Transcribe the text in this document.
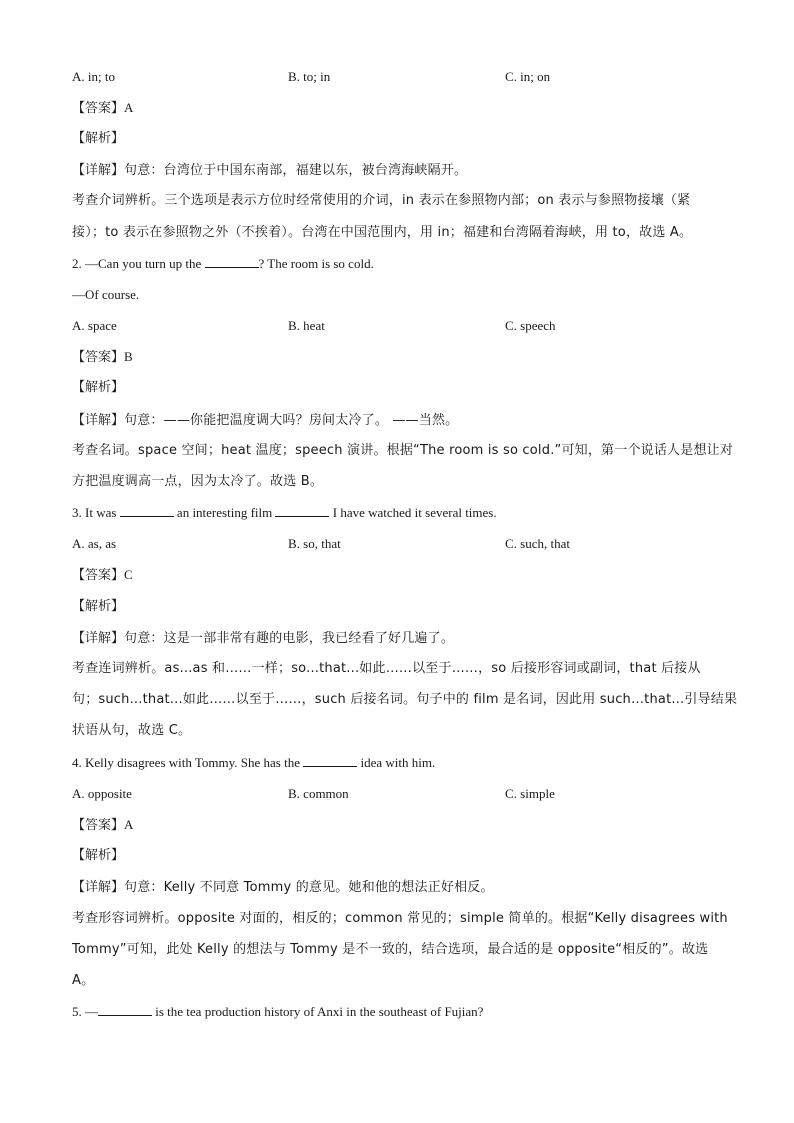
A. in; to	B. to; in	C. in; on
【答案】A
【解析】
【详解】句意：台湾位于中国东南部，福建以东，被台湾海峡隔开。
考查介词辨析。三个选项是表示方位时经常使用的介词，in 表示在参照物内部；on 表示与参照物接壤（紧
接）；to 表示在参照物之外（不挨着）。台湾在中国范围内，用 in；福建和台湾隔着海峡，用 to，故选 A。
2. —Can you turn up the	? The room is so cold.
—Of course.
A. space	B. heat	C. speech
【答案】B
【解析】
【详解】句意：——你能把温度调大吗？房间太冷了。 ——当然。
考查名词。space 空间；heat 温度；speech 演讲。根据“The room is so cold.”可知，第一个说话人是想让对
方把温度调高一点，因为太冷了。故选 B。
3. It was	an interesting film	I have watched it several times.
A. as, as	B. so, that	C. such, that
【答案】C
【解析】
【详解】句意：这是一部非常有趣的电影，我已经看了好几遍了。
考查连词辨析。as...as 和……一样；so...that...如此……以至于……，so 后接形容词或副词，that 后接从
句；such...that...如此……以至于……，such 后接名词。句子中的 film 是名词，因此用 such…that...引导结果
状语从句，故选 C。
4. Kelly disagrees with Tommy. She has the	idea with him.
A. opposite	B. common	C. simple
【答案】A
【解析】
【详解】句意：Kelly 不同意 Tommy 的意见。她和他的想法正好相反。
考查形容词辨析。opposite 对面的，相反的；common 常见的；simple 简单的。根据“Kelly disagrees with
Tommy”可知，此处 Kelly 的想法与 Tommy 是不一致的，结合选项，最合适的是 opposite“相反的”。故选
A。
5. —	is the tea production history of Anxi in the southeast of Fujian?
